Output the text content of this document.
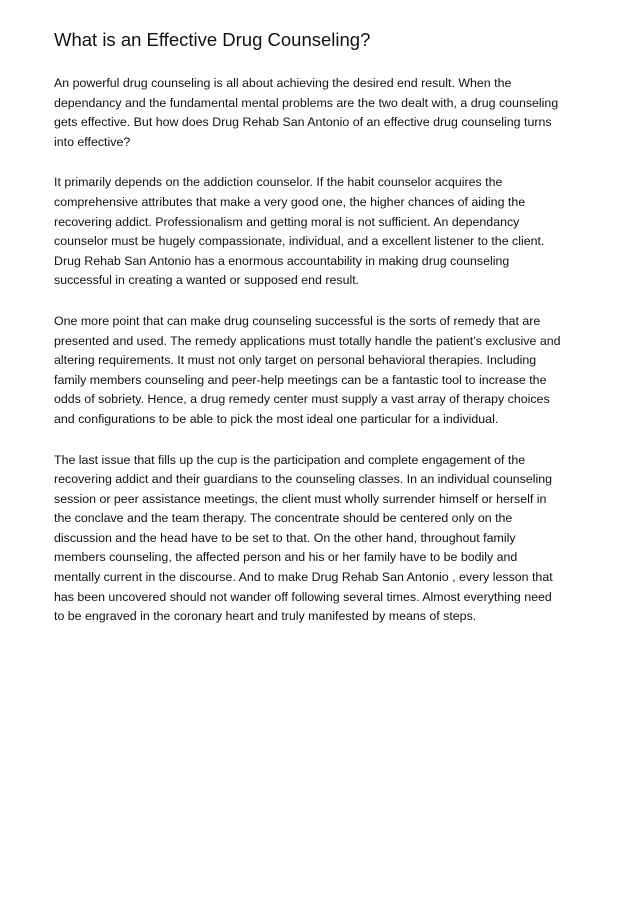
What is an Effective Drug Counseling?

An powerful drug counseling is all about achieving the desired end result. When the
dependancy and the fundamental mental problems are the two dealt with, a drug counseling
gets effective. But how does Drug Rehab San Antonio of an effective drug counseling turns
into effective?

It primarily depends on the addiction counselor. If the habit counselor acquires the
comprehensive attributes that make a very good one, the higher chances of aiding the
recovering addict. Professionalism and getting moral is not sufficient. An dependancy
counselor must be hugely compassionate, individual, and a excellent listener to the client.
Drug Rehab San Antonio has a enormous accountability in making drug counseling
successful in creating a wanted or supposed end result.

One more point that can make drug counseling successful is the sorts of remedy that are
presented and used. The remedy applications must totally handle the patient’s exclusive and
altering requirements. It must not only target on personal behavioral therapies. Including
family members counseling and peer-help meetings can be a fantastic tool to increase the
odds of sobriety. Hence, a drug remedy center must supply a vast array of therapy choices
and configurations to be able to pick the most ideal one particular for a individual.

The last issue that fills up the cup is the participation and complete engagement of the
recovering addict and their guardians to the counseling classes. In an individual counseling
session or peer assistance meetings, the client must wholly surrender himself or herself in
the conclave and the team therapy. The concentrate should be centered only on the
discussion and the head have to be set to that. On the other hand, throughout family
members counseling, the affected person and his or her family have to be bodily and
mentally current in the discourse. And to make Drug Rehab San Antonio , every lesson that
has been uncovered should not wander off following several times. Almost everything need
to be engraved in the coronary heart and truly manifested by means of steps.
